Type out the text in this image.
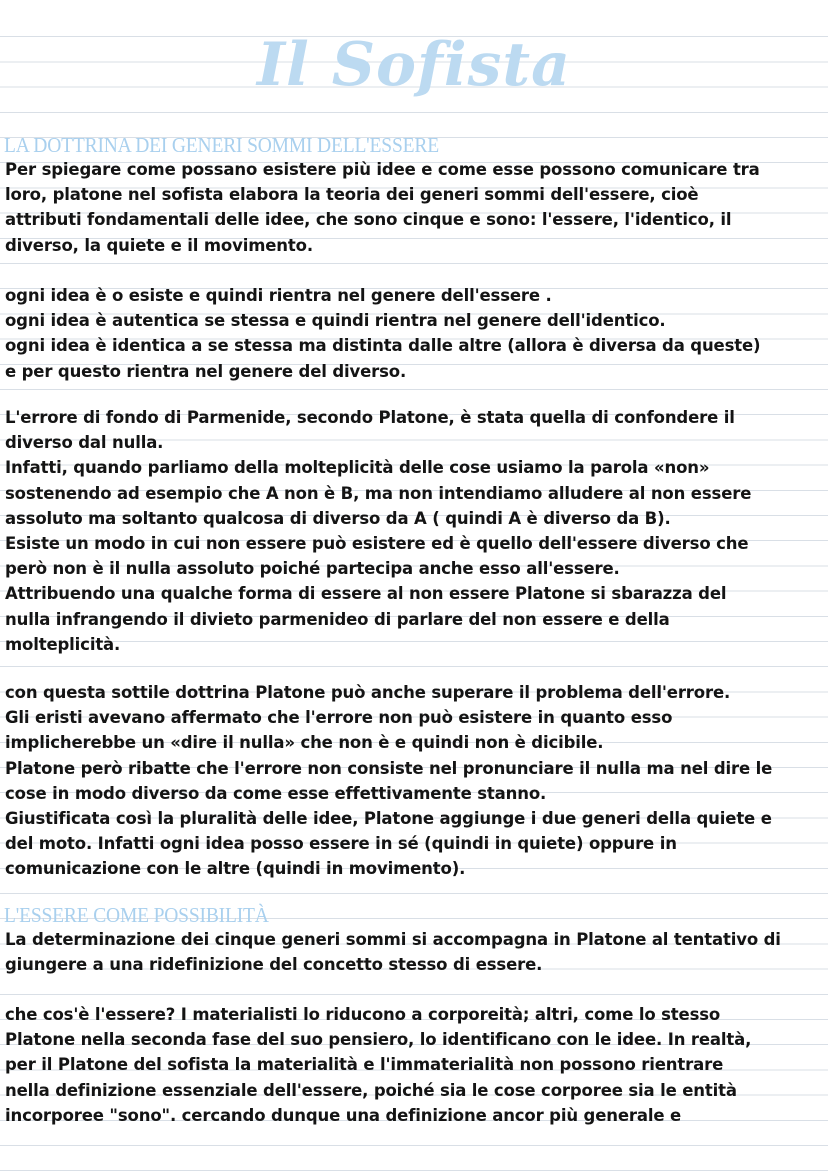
Il Sofista
LA DOTTRINA DEI GENERI SOMMI DELL'ESSERE
Per spiegare come possano esistere più idee e come esse possono comunicare tra
loro, platone nel sofista elabora la teoria dei generi sommi dell'essere, cioè
attributi fondamentali delle idee, che sono cinque e sono: l'essere, l'identico, il
diverso, la quiete e il movimento.
ogni idea è o esiste e quindi rientra nel genere dell'essere .
ogni idea è autentica se stessa e quindi rientra nel genere dell'identico.
ogni idea è identica a se stessa ma distinta dalle altre (allora è diversa da queste)
e per questo rientra nel genere del diverso.
L'errore di fondo di Parmenide, secondo Platone, è stata quella di confondere il
diverso dal nulla.
Infatti, quando parliamo della molteplicità delle cose usiamo la parola «non»
sostenendo ad esempio che A non è B, ma non intendiamo alludere al non essere
assoluto ma soltanto qualcosa di diverso da A ( quindi A è diverso da B).
Esiste un modo in cui non essere può esistere ed è quello dell'essere diverso che
però non è il nulla assoluto poiché partecipa anche esso all'essere.
Attribuendo una qualche forma di essere al non essere Platone si sbarazza del
nulla infrangendo il divieto parmenideo di parlare del non essere e della
molteplicità.
con questa sottile dottrina Platone può anche superare il problema dell'errore.
Gli eristi avevano affermato che l'errore non può esistere in quanto esso
implicherebbe un «dire il nulla» che non è e quindi non è dicibile.
Platone però ribatte che l'errore non consiste nel pronunciare il nulla ma nel dire le
cose in modo diverso da come esse effettivamente stanno.
Giustificata così la pluralità delle idee, Platone aggiunge i due generi della quiete e
del moto. Infatti ogni idea posso essere in sé (quindi in quiete) oppure in
comunicazione con le altre (quindi in movimento).
L'ESSERE COME POSSIBILITÀ
La determinazione dei cinque generi sommi si accompagna in Platone al tentativo di
giungere a una ridefinizione del concetto stesso di essere.
che cos'è l'essere? I materialisti lo riducono a corporeità; altri, come lo stesso
Platone nella seconda fase del suo pensiero, lo identificano con le idee. In realtà,
per il Platone del sofista la materialità e l'immaterialità non possono rientrare
nella definizione essenziale dell'essere, poiché sia le cose corporee sia le entità
incorporee "sono". cercando dunque una definizione ancor più generale e
